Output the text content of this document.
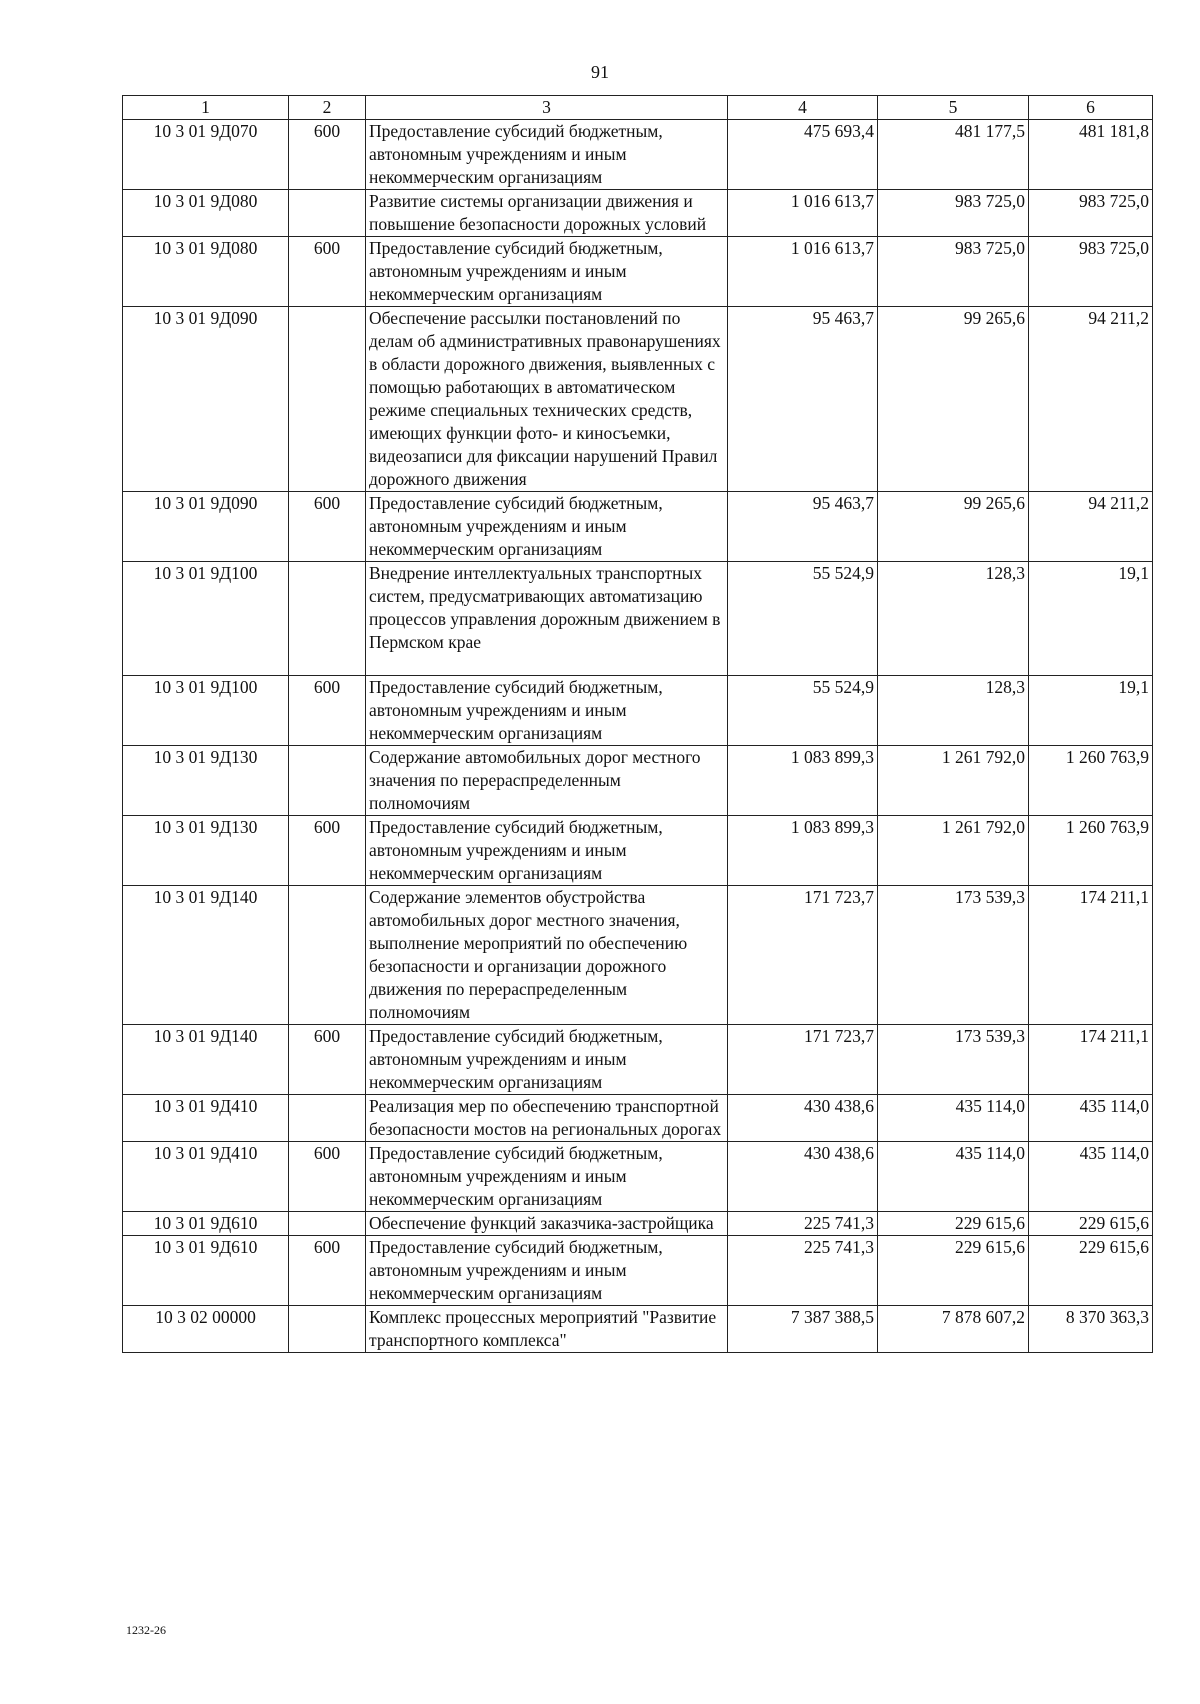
91
1	2	3	4	5	6
10 3 01 9Д070	600	Предоставление субсидий бюджетным, автономным учреждениям и иным некоммерческим организациям	475 693,4	481 177,5	481 181,8
10 3 01 9Д080		Развитие системы организации движения и повышение безопасности дорожных условий	1 016 613,7	983 725,0	983 725,0
10 3 01 9Д080	600	Предоставление субсидий бюджетным, автономным учреждениям и иным некоммерческим организациям	1 016 613,7	983 725,0	983 725,0
10 3 01 9Д090		Обеспечение рассылки постановлений по делам об административных правонарушениях в области дорожного движения, выявленных с помощью работающих в автоматическом режиме специальных технических средств, имеющих функции фото- и киносъемки, видеозаписи для фиксации нарушений Правил дорожного движения	95 463,7	99 265,6	94 211,2
10 3 01 9Д090	600	Предоставление субсидий бюджетным, автономным учреждениям и иным некоммерческим организациям	95 463,7	99 265,6	94 211,2
10 3 01 9Д100		Внедрение интеллектуальных транспортных систем, предусматривающих автоматизацию процессов управления дорожным движением в Пермском крае	55 524,9	128,3	19,1
10 3 01 9Д100	600	Предоставление субсидий бюджетным, автономным учреждениям и иным некоммерческим организациям	55 524,9	128,3	19,1
10 3 01 9Д130		Содержание автомобильных дорог местного значения по перераспределенным полномочиям	1 083 899,3	1 261 792,0	1 260 763,9
10 3 01 9Д130	600	Предоставление субсидий бюджетным, автономным учреждениям и иным некоммерческим организациям	1 083 899,3	1 261 792,0	1 260 763,9
10 3 01 9Д140		Содержание элементов обустройства автомобильных дорог местного значения, выполнение мероприятий по обеспечению безопасности и организации дорожного движения по перераспределенным полномочиям	171 723,7	173 539,3	174 211,1
10 3 01 9Д140	600	Предоставление субсидий бюджетным, автономным учреждениям и иным некоммерческим организациям	171 723,7	173 539,3	174 211,1
10 3 01 9Д410		Реализация мер по обеспечению транспортной безопасности мостов на региональных дорогах	430 438,6	435 114,0	435 114,0
10 3 01 9Д410	600	Предоставление субсидий бюджетным, автономным учреждениям и иным некоммерческим организациям	430 438,6	435 114,0	435 114,0
10 3 01 9Д610		Обеспечение функций заказчика-застройщика	225 741,3	229 615,6	229 615,6
10 3 01 9Д610	600	Предоставление субсидий бюджетным, автономным учреждениям и иным некоммерческим организациям	225 741,3	229 615,6	229 615,6
10 3 02 00000		Комплекс процессных мероприятий "Развитие транспортного комплекса"	7 387 388,5	7 878 607,2	8 370 363,3
1232-26
